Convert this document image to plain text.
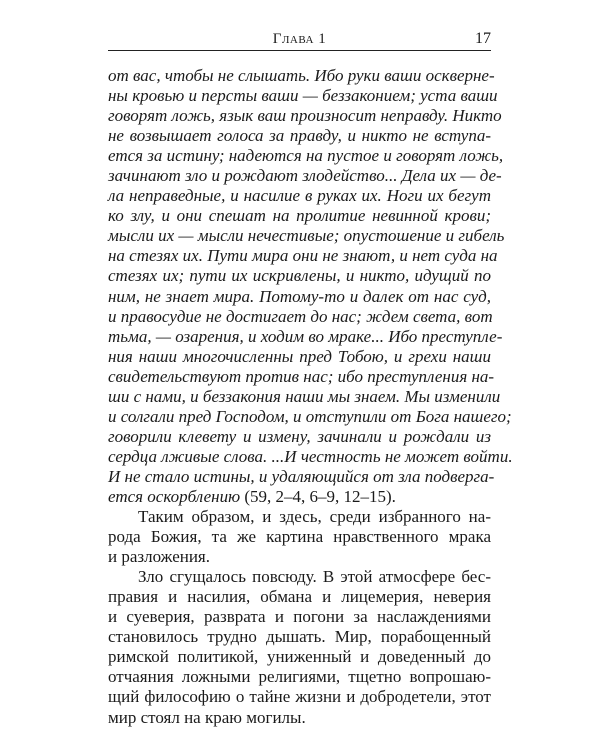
Глава 1	17
от вас, чтобы не слышать. Ибо руки ваши осквернe-
ны кровью и персты ваши — беззаконием; уста ваши
говорят ложь, язык ваш произносит неправду. Никто
не возвышает голоса за правду, и никто не вступа-
ется за истину; надеются на пустое и говорят ложь,
зачинают зло и рождают злодейство... Дела их — де-
ла неправедные, и насилие в руках их. Ноги их бегут
ко злу, и они спешат на пролитие невинной крови;
мысли их — мысли нечестивые; опустошение и гибель
на стезях их. Пути мира они не знают, и нет суда на
стезях их; пути их искривлены, и никто, идущий по
ним, не знает мира. Потому-то и далек от нас суд,
и правосудие не достигает до нас; ждем света, вот
тьма, — озарения, и ходим во мраке... Ибо преступле-
ния наши многочисленны пред Тобою, и грехи наши
свидетельствуют против нас; ибо преступления на-
ши с нами, и беззакония наши мы знаем. Мы изменили
и солгали пред Господом, и отступили от Бога нашего;
говорили клевету и измену, зачинали и рождали из
сердца лживые слова. ...И честность не может войти.
И не стало истины, и удаляющийся от зла подверга-
ется оскорблению (59, 2–4, 6–9, 12–15).
Таким образом, и здесь, среди избранного на-
рода Божия, та же картина нравственного мрака
и разложения.
Зло сгущалось повсюду. В этой атмосфере бес-
правия и насилия, обмана и лицемерия, неверия
и суеверия, разврата и погони за наслаждениями
становилось трудно дышать. Мир, порабощенный
римской политикой, униженный и доведенный до
отчаяния ложными религиями, тщетно вопрошаю-
щий философию о тайне жизни и добродетели, этот
мир стоял на краю могилы.
